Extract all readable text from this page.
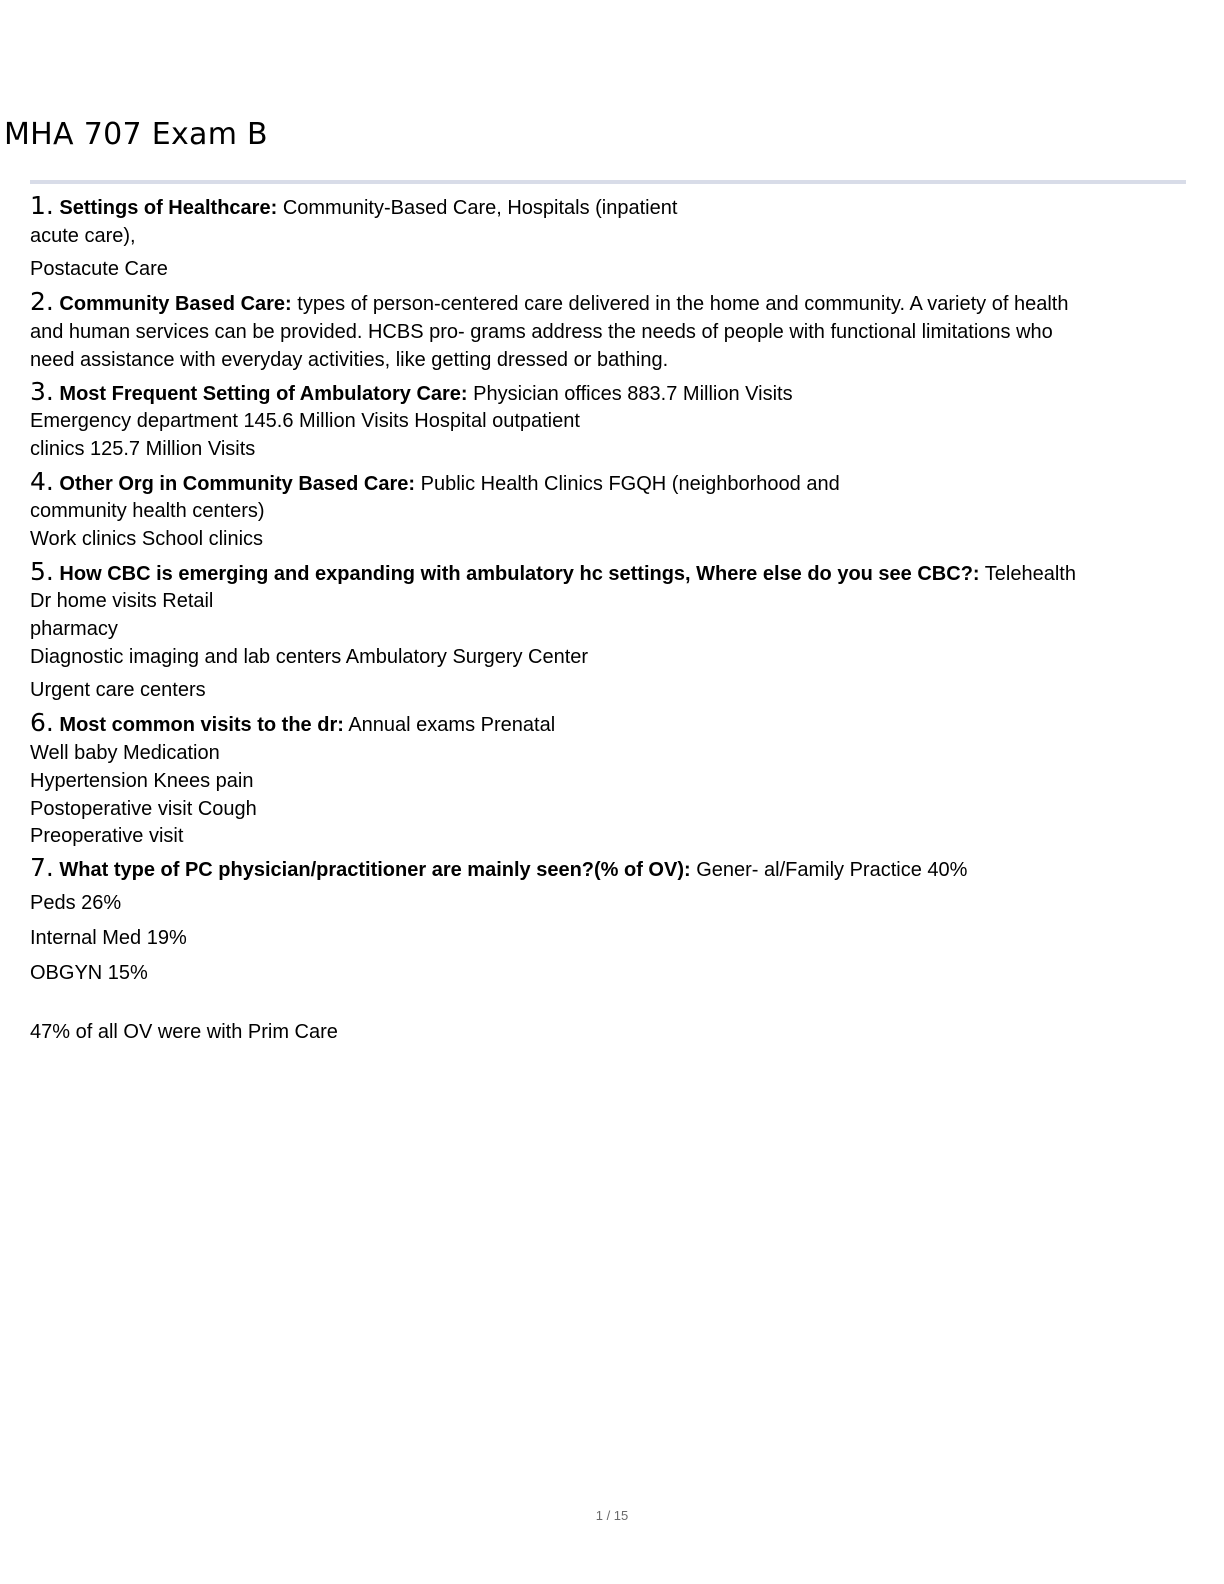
MHA 707 Exam B
1. Settings of Healthcare: Community-Based Care, Hospitals (inpatient
acute care),
Postacute Care
2. Community Based Care: types of person-centered care delivered in the home and community. A variety of health
and human services can be provided. HCBS pro- grams address the needs of people with functional limitations who
need assistance with everyday activities, like getting dressed or bathing.
3. Most Frequent Setting of Ambulatory Care: Physician offices 883.7 Million Visits
Emergency department 145.6 Million Visits Hospital outpatient
clinics 125.7 Million Visits
4. Other Org in Community Based Care: Public Health Clinics FGQH (neighborhood and
community health centers)
Work clinics School clinics
5. How CBC is emerging and expanding with ambulatory hc settings, Where else do you see CBC?: Telehealth
Dr home visits Retail
pharmacy
Diagnostic imaging and lab centers Ambulatory Surgery Center
Urgent care centers
6. Most common visits to the dr: Annual exams Prenatal
Well baby Medication
Hypertension Knees pain
Postoperative visit Cough
Preoperative visit
7. What type of PC physician/practitioner are mainly seen?(% of OV): Gener- al/Family Practice 40%
Peds 26%
Internal Med 19%
OBGYN 15%
47% of all OV were with Prim Care
1 / 15
